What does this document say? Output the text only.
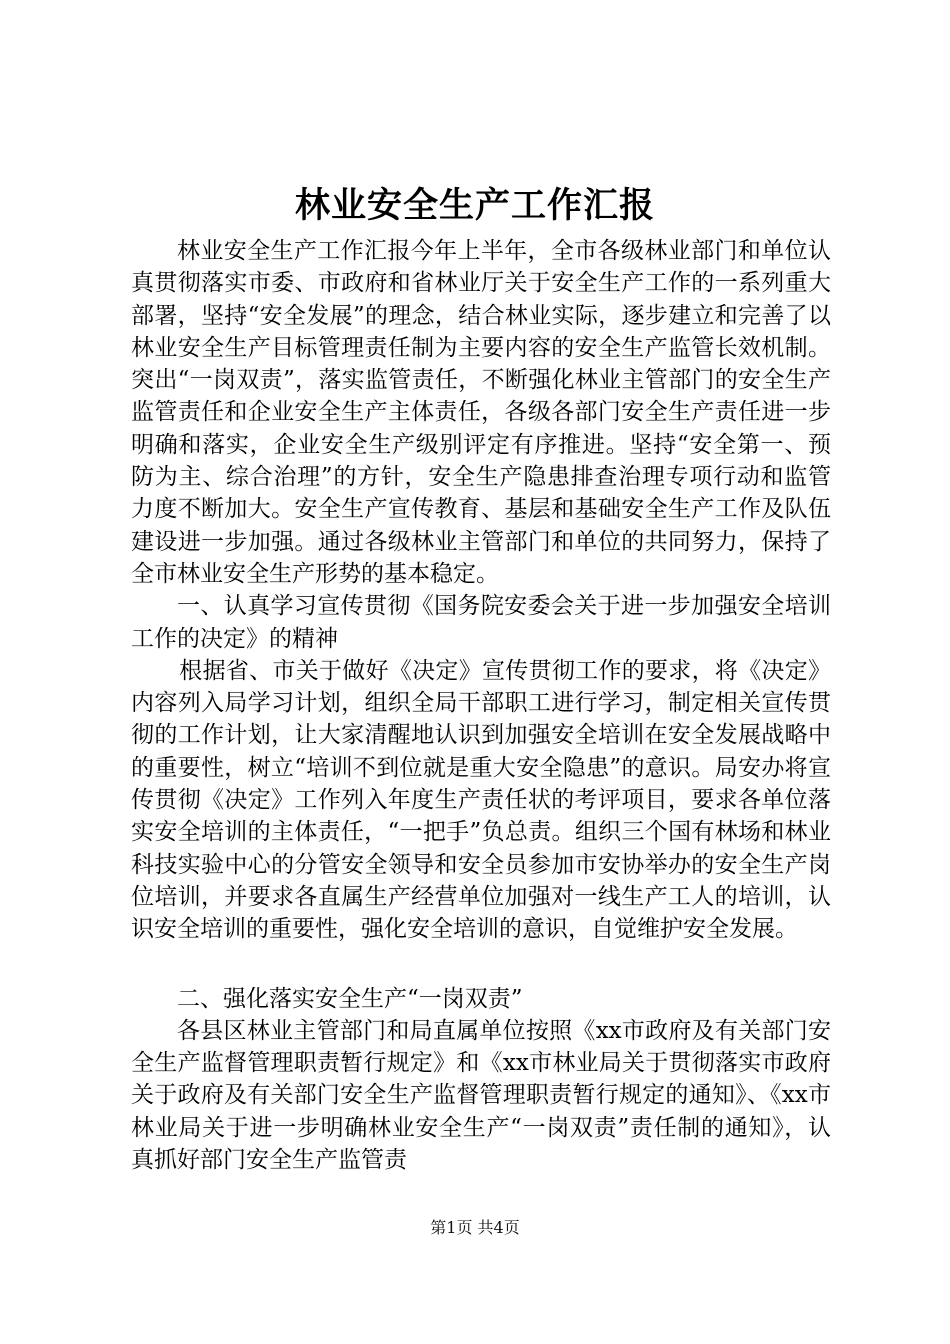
林业安全生产工作汇报

林业安全生产工作汇报今年上半年，全市各级林业部门和单位认真贯彻落实市委、市政府和省林业厅关于安全生产工作的一系列重大部署，坚持“安全发展”的理念，结合林业实际，逐步建立和完善了以林业安全生产目标管理责任制为主要内容的安全生产监管长效机制。突出“一岗双责”，落实监管责任，不断强化林业主管部门的安全生产监管责任和企业安全生产主体责任，各级各部门安全生产责任进一步明确和落实，企业安全生产级别评定有序推进。坚持“安全第一、预防为主、综合治理”的方针，安全生产隐患排查治理专项行动和监管力度不断加大。安全生产宣传教育、基层和基础安全生产工作及队伍建设进一步加强。通过各级林业主管部门和单位的共同努力，保持了全市林业安全生产形势的基本稳定。

一、认真学习宣传贯彻《国务院安委会关于进一步加强安全培训工作的决定》的精神

根据省、市关于做好《决定》宣传贯彻工作的要求，将《决定》内容列入局学习计划，组织全局干部职工进行学习，制定相关宣传贯彻的工作计划，让大家清醒地认识到加强安全培训在安全发展战略中的重要性，树立“培训不到位就是重大安全隐患”的意识。局安办将宣传贯彻《决定》工作列入年度生产责任状的考评项目，要求各单位落实安全培训的主体责任，“一把手”负总责。组织三个国有林场和林业科技实验中心的分管安全领导和安全员参加市安协举办的安全生产岗位培训，并要求各直属生产经营单位加强对一线生产工人的培训，认识安全培训的重要性，强化安全培训的意识，自觉维护安全发展。

二、强化落实安全生产“一岗双责”

各县区林业主管部门和局直属单位按照《xx市政府及有关部门安全生产监督管理职责暂行规定》和《xx市林业局关于贯彻落实市政府关于政府及有关部门安全生产监督管理职责暂行规定的通知》、《xx市林业局关于进一步明确林业安全生产“一岗双责”责任制的通知》，认真抓好部门安全生产监管责

第1页 共4页
